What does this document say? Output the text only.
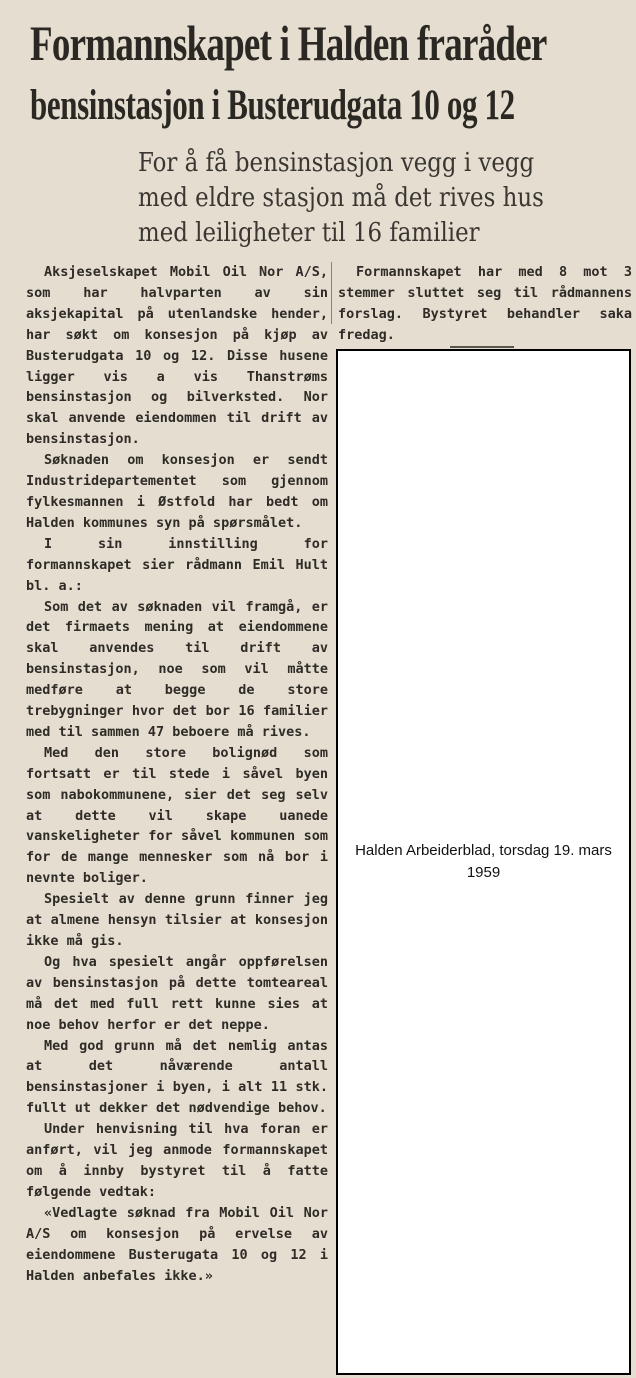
Formannskapet i Halden fraråder
bensinstasjon i Busterudgata 10 og 12
For å få bensinstasjon vegg i vegg
med eldre stasjon må det rives hus
med leiligheter til 16 familier

Aksjeselskapet Mobil Oil Nor A/S, som har halvparten av sin aksjekapital på utenlandske hender, har søkt om konsesjon på kjøp av Busterudgata 10 og 12. Disse husene ligger vis a vis Thanstrøms bensinstasjon og bilverksted. Nor skal anvende eiendommen til drift av bensinstasjon.

Søknaden om konsesjon er sendt Industridepartementet som gjennom fylkesmannen i Østfold har bedt om Halden kommunes syn på spørsmålet.

I sin innstilling for formannskapet sier rådmann Emil Hult bl. a.:

Som det av søknaden vil framgå, er det firmaets mening at eiendommene skal anvendes til drift av bensinstasjon, noe som vil måtte medføre at begge de store trebygninger hvor det bor 16 familier med til sammen 47 beboere må rives.

Med den store bolignød som fortsatt er til stede i såvel byen som nabokommunene, sier det seg selv at dette vil skape uanede vanskeligheter for såvel kommunen som for de mange mennesker som nå bor i nevnte boliger.

Spesielt av denne grunn finner jeg at almene hensyn tilsier at konsesjon ikke må gis.

Og hva spesielt angår oppførelsen av bensinstasjon på dette tomteareal må det med full rett kunne sies at noe behov herfor er det neppe.

Med god grunn må det nemlig antas at det nåværende antall bensinstasjoner i byen, i alt 11 stk. fullt ut dekker det nødvendige behov.

Under henvisning til hva foran er anført, vil jeg anmode formannskapet om å innby bystyret til å fatte følgende vedtak:

«Vedlagte søknad fra Mobil Oil Nor A/S om konsesjon på ervelse av eiendommene Busterugata 10 og 12 i Halden anbefales ikke.»

Formannskapet har med 8 mot 3 stemmer sluttet seg til rådmannens forslag. Bystyret behandler saka fredag.

Halden Arbeiderblad, torsdag 19. mars 1959
